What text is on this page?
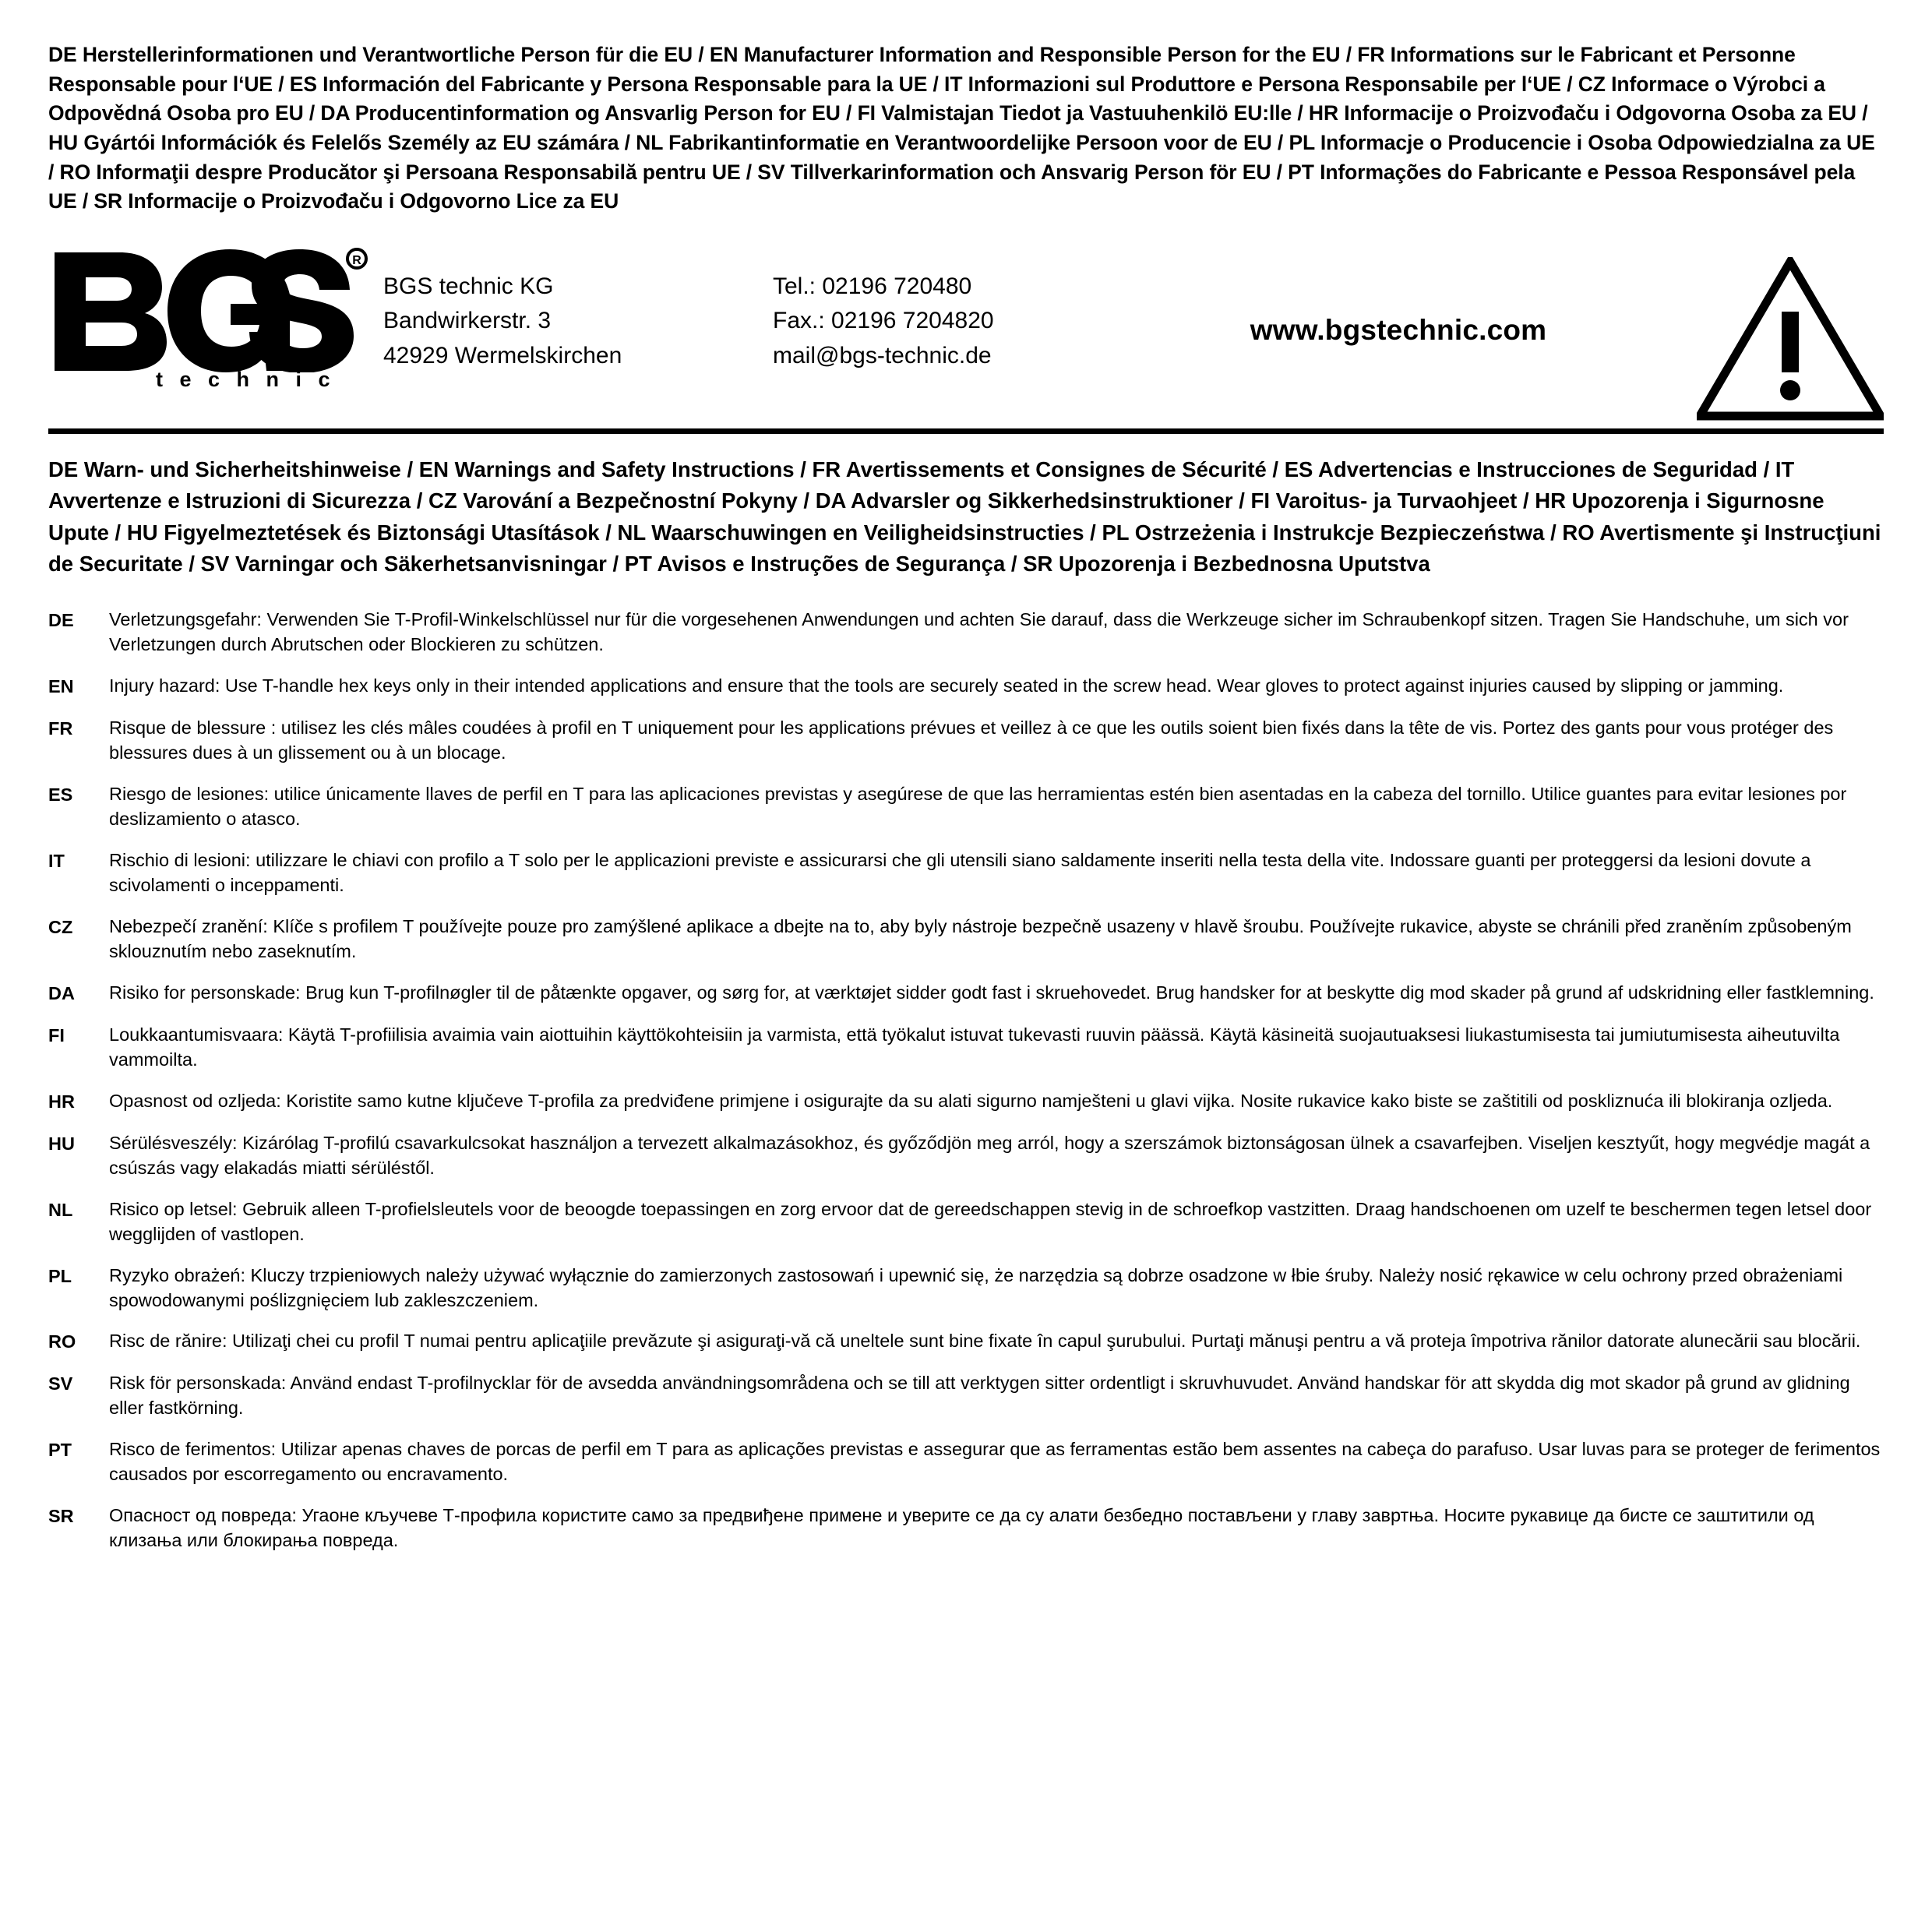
DE Herstellerinformationen und Verantwortliche Person für die EU / EN Manufacturer Information and Responsible Person for the EU / FR Informations sur le Fabricant et Personne Responsable pour l‘UE / ES Información del Fabricante y Persona Responsable para la UE / IT Informazioni sul Produttore e Persona Responsabile per l‘UE / CZ Informace o Výrobci a Odpovědná Osoba pro EU / DA Producentinformation og Ansvarlig Person for EU / FI Valmistajan Tiedot ja Vastuuhenkilö EU:lle / HR Informacije o Proizvođaču i Odgovorna Osoba za EU / HU Gyártói Információk és Felelős Személy az EU számára / NL Fabrikantinformatie en Verantwoordelijke Persoon voor de EU / PL Informacje o Producencie i Osoba Odpowiedzialna za UE / RO Informaţii despre Producător şi Persoana Responsabilă pentru UE / SV Tillverkarinformation och Ansvarig Person för EU / PT Informações do Fabricante e Pessoa Responsável pela UE / SR Informacije o Proizvođaču i Odgovorno Lice za EU
R
t e c h n i c
BGS technic KG
Bandwirkerstr. 3
42929 Wermelskirchen
Tel.: 02196 720480
Fax.: 02196 7204820
mail@bgs-technic.de
www.bgstechnic.com
DE Warn- und Sicherheitshinweise / EN Warnings and Safety Instructions / FR Avertissements et Consignes de Sécurité / ES Advertencias e Instrucciones de Seguridad / IT Avvertenze e Istruzioni di Sicurezza / CZ Varování a Bezpečnostní Pokyny / DA Advarsler og Sikkerhedsinstruktioner / FI Varoitus- ja Turvaohjeet / HR Upozorenja i Sigurnosne Upute / HU Figyelmeztetések és Biztonsági Utasítások / NL Waarschuwingen en Veiligheidsinstructies / PL Ostrzeżenia i Instrukcje Bezpieczeństwa / RO Avertismente şi Instrucţiuni de Securitate / SV Varningar och Säkerhetsanvisningar / PT Avisos e Instruções de Segurança / SR Upozorenja i Bezbednosna Uputstva
DE	Verletzungsgefahr: Verwenden Sie T-Profil-Winkelschlüssel nur für die vorgesehenen Anwendungen und achten Sie darauf, dass die Werkzeuge sicher im Schraubenkopf sitzen. Tragen Sie Handschuhe, um sich vor Verletzungen durch Abrutschen oder Blockieren zu schützen.
EN	Injury hazard: Use T-handle hex keys only in their intended applications and ensure that the tools are securely seated in the screw head. Wear gloves to protect against injuries caused by slipping or jamming.
FR	Risque de blessure : utilisez les clés mâles coudées à profil en T uniquement pour les applications prévues et veillez à ce que les outils soient bien fixés dans la tête de vis. Portez des gants pour vous protéger des blessures dues à un glissement ou à un blocage.
ES	Riesgo de lesiones: utilice únicamente llaves de perfil en T para las aplicaciones previstas y asegúrese de que las herramientas estén bien asentadas en la cabeza del tornillo. Utilice guantes para evitar lesiones por deslizamiento o atasco.
IT	Rischio di lesioni: utilizzare le chiavi con profilo a T solo per le applicazioni previste e assicurarsi che gli utensili siano saldamente inseriti nella testa della vite. Indossare guanti per proteggersi da lesioni dovute a scivolamenti o inceppamenti.
CZ	Nebezpečí zranění: Klíče s profilem T používejte pouze pro zamýšlené aplikace a dbejte na to, aby byly nástroje bezpečně usazeny v hlavě šroubu. Používejte rukavice, abyste se chránili před zraněním způsobeným sklouznutím nebo zaseknutím.
DA	Risiko for personskade: Brug kun T-profilnøgler til de påtænkte opgaver, og sørg for, at værktøjet sidder godt fast i skruehovedet. Brug handsker for at beskytte dig mod skader på grund af udskridning eller fastklemning.
FI	Loukkaantumisvaara: Käytä T-profiilisia avaimia vain aiottuihin käyttökohteisiin ja varmista, että työkalut istuvat tukevasti ruuvin päässä. Käytä käsineitä suojautuaksesi liukastumisesta tai jumiutumisesta aiheutuvilta vammoilta.
HR	Opasnost od ozljeda: Koristite samo kutne ključeve T-profila za predviđene primjene i osigurajte da su alati sigurno namješteni u glavi vijka. Nosite rukavice kako biste se zaštitili od poskliznuća ili blokiranja ozljeda.
HU	Sérülésveszély: Kizárólag T-profilú csavarkulcsokat használjon a tervezett alkalmazásokhoz, és győződjön meg arról, hogy a szerszámok biztonságosan ülnek a csavarfejben. Viseljen kesztyűt, hogy megvédje magát a csúszás vagy elakadás miatti sérüléstől.
NL	Risico op letsel: Gebruik alleen T-profielsleutels voor de beoogde toepassingen en zorg ervoor dat de gereedschappen stevig in de schroefkop vastzitten. Draag handschoenen om uzelf te beschermen tegen letsel door wegglijden of vastlopen.
PL	Ryzyko obrażeń: Kluczy trzpieniowych należy używać wyłącznie do zamierzonych zastosowań i upewnić się, że narzędzia są dobrze osadzone w łbie śruby. Należy nosić rękawice w celu ochrony przed obrażeniami spowodowanymi poślizgnięciem lub zakleszczeniem.
RO	Risc de rănire: Utilizaţi chei cu profil T numai pentru aplicaţiile prevăzute şi asiguraţi-vă că uneltele sunt bine fixate în capul şurubului. Purtaţi mănuşi pentru a vă proteja împotriva rănilor datorate alunecării sau blocării.
SV	Risk för personskada: Använd endast T-profilnycklar för de avsedda användningsområdena och se till att verktygen sitter ordentligt i skruvhuvudet. Använd handskar för att skydda dig mot skador på grund av glidning eller fastkörning.
PT	Risco de ferimentos: Utilizar apenas chaves de porcas de perfil em T para as aplicações previstas e assegurar que as ferramentas estão bem assentes na cabeça do parafuso. Usar luvas para se proteger de ferimentos causados por escorregamento ou encravamento.
SR	Опасност од повреда: Угаоне кључеве Т-профила користите само за предвиђене примене и уверите се да су алати безбедно постављени у главу завртња. Носите рукавице да бисте се заштитили од клизања или блокирања повреда.
